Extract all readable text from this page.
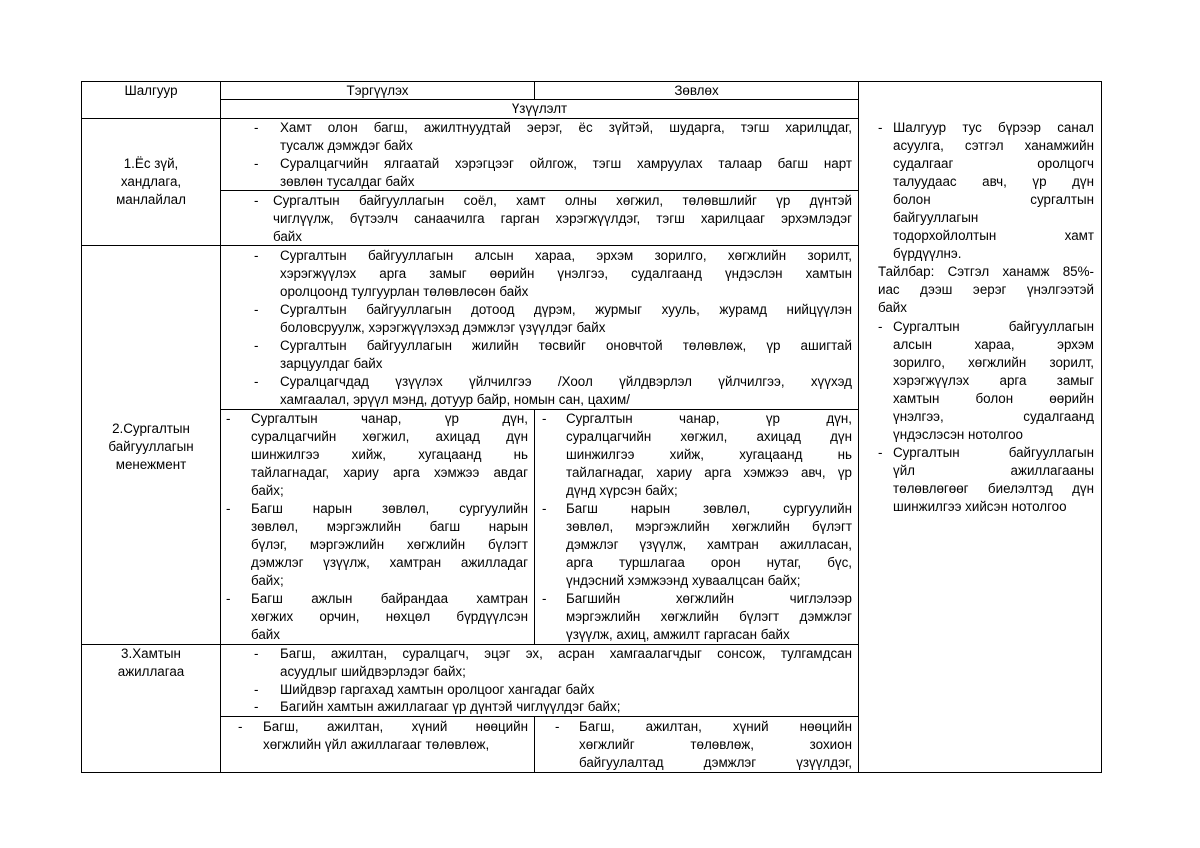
Шалгуур	Тэргүүлэх	Зөвлөх
Үзүүлэлт
1.Ёс зүй,
хандлага,
манлайлал
2.Сургалтын
байгууллагын
менежмент
3.Хамтын
ажиллагаа
- Хамт олон багш, ажилтнуудтай эерэг, ёс зүйтэй, шударга, тэгш харилцдаг,
тусалж дэмждэг байх
- Суралцагчийн ялгаатай хэрэгцээг ойлгож, тэгш хамруулах талаар багш нарт
зөвлөн тусалдаг байх
- Сургалтын байгууллагын соёл, хамт олны хөгжил, төлөвшлийг үр дүнтэй
чиглүүлж, бүтээлч санаачилга гарган хэрэгжүүлдэг, тэгш харилцааг эрхэмлэдэг
байх
- Сургалтын байгууллагын алсын хараа, эрхэм зорилго, хөгжлийн зорилт,
хэрэгжүүлэх арга замыг өөрийн үнэлгээ, судалгаанд үндэслэн хамтын
оролцоонд тулгуурлан төлөвлөсөн байх
- Сургалтын байгууллагын дотоод дүрэм, журмыг хууль, журамд нийцүүлэн
боловсруулж, хэрэгжүүлэхэд дэмжлэг үзүүлдэг байх
- Сургалтын байгууллагын жилийн төсвийг оновчтой төлөвлөж, үр ашигтай
зарцуулдаг байх
- Суралцагчдад үзүүлэх үйлчилгээ /Хоол үйлдвэрлэл үйлчилгээ, хүүхэд
хамгаалал, эрүүл мэнд, дотуур байр, номын сан, цахим/
- Сургалтын чанар, үр дүн,
суралцагчийн хөгжил, ахицад дүн
шинжилгээ хийж, хугацаанд нь
тайлагнадаг, хариу арга хэмжээ авдаг
байх;
- Багш нарын зөвлөл, сургуулийн
зөвлөл, мэргэжлийн багш нарын
бүлэг, мэргэжлийн хөгжлийн бүлэгт
дэмжлэг үзүүлж, хамтран ажилладаг
байх;
- Багш ажлын байрандаа хамтран
хөгжих орчин, нөхцөл бүрдүүлсэн
байх
- Сургалтын чанар, үр дүн,
суралцагчийн хөгжил, ахицад дүн
шинжилгээ хийж, хугацаанд нь
тайлагнадаг, хариу арга хэмжээ авч, үр
дүнд хүрсэн байх;
- Багш нарын зөвлөл, сургуулийн
зөвлөл, мэргэжлийн хөгжлийн бүлэгт
дэмжлэг үзүүлж, хамтран ажилласан,
арга туршлагаа орон нутаг, бүс,
үндэсний хэмжээнд хуваалцсан байх;
- Багшийн хөгжлийн чиглэлээр
мэргэжлийн хөгжлийн бүлэгт дэмжлэг
үзүүлж, ахиц, амжилт гаргасан байх
- Багш, ажилтан, суралцагч, эцэг эх, асран хамгаалагчдыг сонсож, тулгамдсан
асуудлыг шийдвэрлэдэг байх;
- Шийдвэр гаргахад хамтын оролцоог хангадаг байх
- Багийн хамтын ажиллагааг үр дүнтэй чиглүүлдэг байх;
- Багш, ажилтан, хүний нөөцийн
хөгжлийн үйл ажиллагааг төлөвлөж,
- Багш, ажилтан, хүний нөөцийн
хөгжлийг төлөвлөж, зохион
байгуулалтад дэмжлэг үзүүлдэг,
- Шалгуур тус бүрээр санал
асуулга, сэтгэл ханамжийн
судалгааг оролцогч
талуудаас авч, үр дүн
болон сургалтын
байгууллагын
тодорхойлолтын хамт
бүрдүүлнэ.
Тайлбар: Сэтгэл ханамж 85%-
иас дээш эерэг үнэлгээтэй
байх
- Сургалтын байгууллагын
алсын хараа, эрхэм
зорилго, хөгжлийн зорилт,
хэрэгжүүлэх арга замыг
хамтын болон өөрийн
үнэлгээ, судалгаанд
үндэслэсэн нотолгоо
- Сургалтын байгууллагын
үйл ажиллагааны
төлөвлөгөөг биелэлтэд дүн
шинжилгээ хийсэн нотолгоо
